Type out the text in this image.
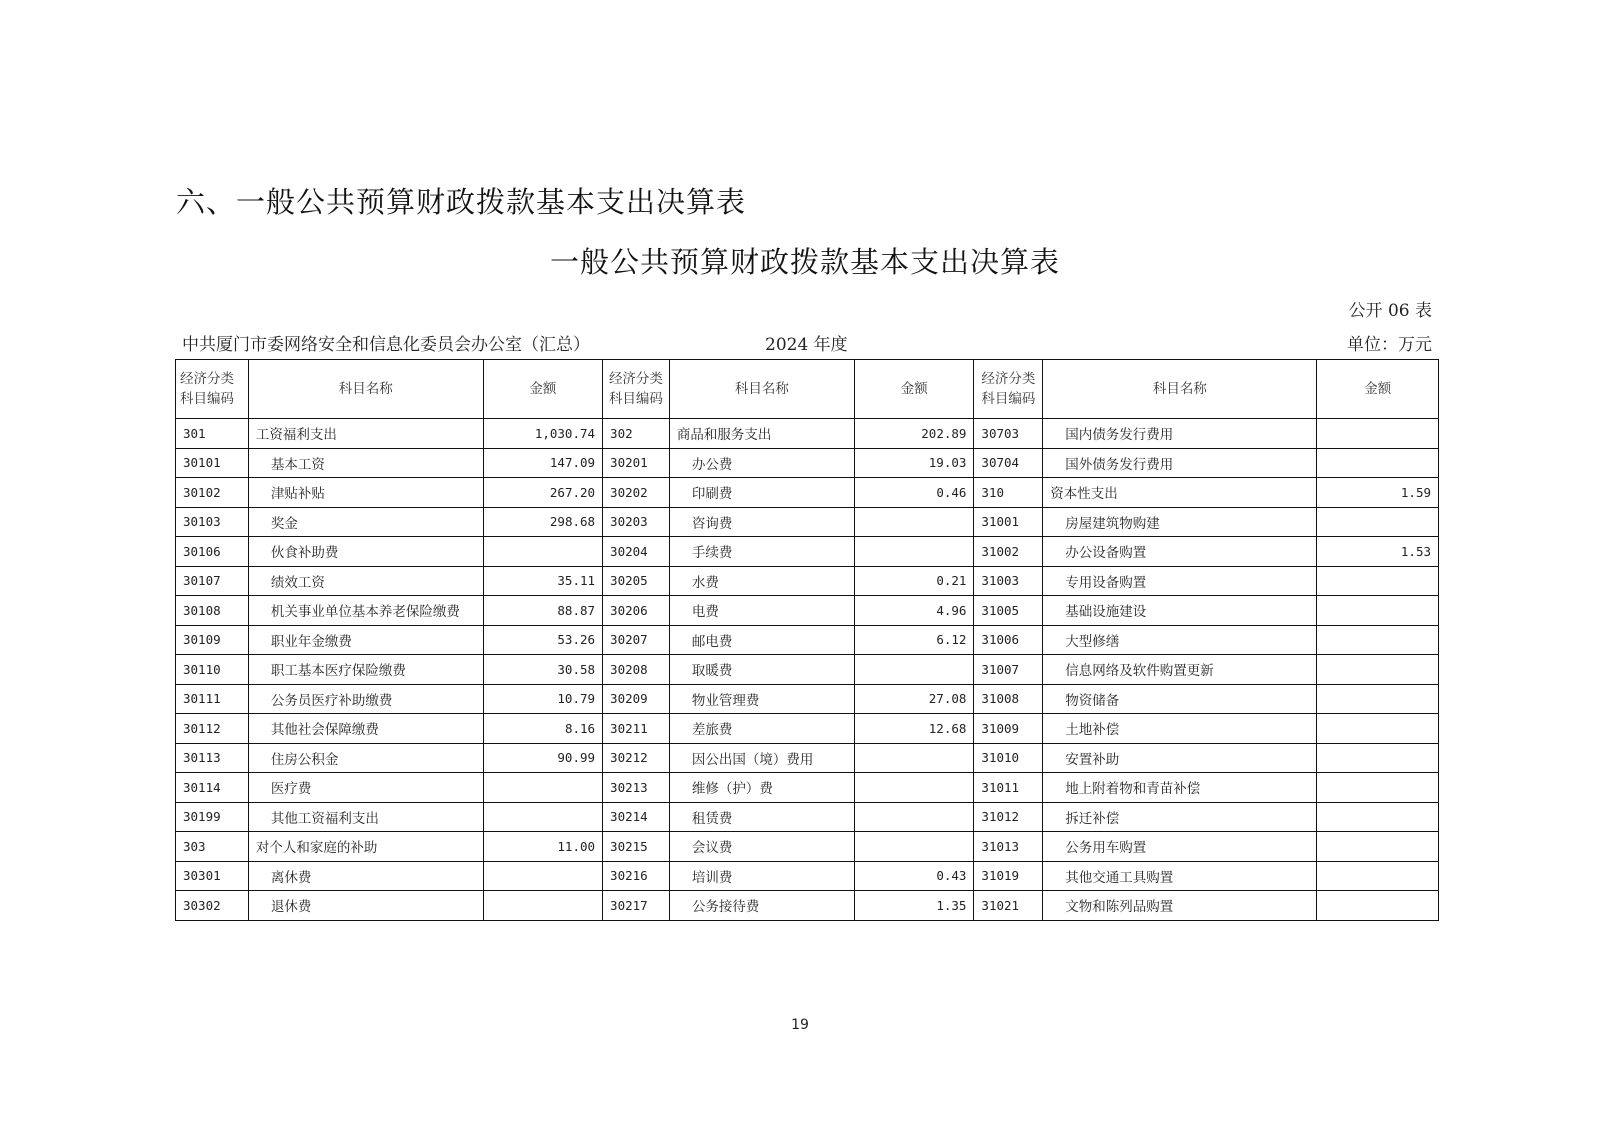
六、一般公共预算财政拨款基本支出决算表
一般公共预算财政拨款基本支出决算表
公开 06 表
中共厦门市委网络安全和信息化委员会办公室（汇总）	2024 年度	单位：万元
经济分类科目编码	科目名称	金额	经济分类科目编码	科目名称	金额	经济分类科目编码	科目名称	金额
301	工资福利支出	1,030.74	302	商品和服务支出	202.89	30703	国内债务发行费用	
30101	基本工资	147.09	30201	办公费	19.03	30704	国外债务发行费用	
30102	津贴补贴	267.20	30202	印刷费	0.46	310	资本性支出	1.59
30103	奖金	298.68	30203	咨询费		31001	房屋建筑物购建	
30106	伙食补助费		30204	手续费		31002	办公设备购置	1.53
30107	绩效工资	35.11	30205	水费	0.21	31003	专用设备购置	
30108	机关事业单位基本养老保险缴费	88.87	30206	电费	4.96	31005	基础设施建设	
30109	职业年金缴费	53.26	30207	邮电费	6.12	31006	大型修缮	
30110	职工基本医疗保险缴费	30.58	30208	取暖费		31007	信息网络及软件购置更新	
30111	公务员医疗补助缴费	10.79	30209	物业管理费	27.08	31008	物资储备	
30112	其他社会保障缴费	8.16	30211	差旅费	12.68	31009	土地补偿	
30113	住房公积金	90.99	30212	因公出国（境）费用		31010	安置补助	
30114	医疗费		30213	维修（护）费		31011	地上附着物和青苗补偿	
30199	其他工资福利支出		30214	租赁费		31012	拆迁补偿	
303	对个人和家庭的补助	11.00	30215	会议费		31013	公务用车购置	
30301	离休费		30216	培训费	0.43	31019	其他交通工具购置	
30302	退休费		30217	公务接待费	1.35	31021	文物和陈列品购置	
19
